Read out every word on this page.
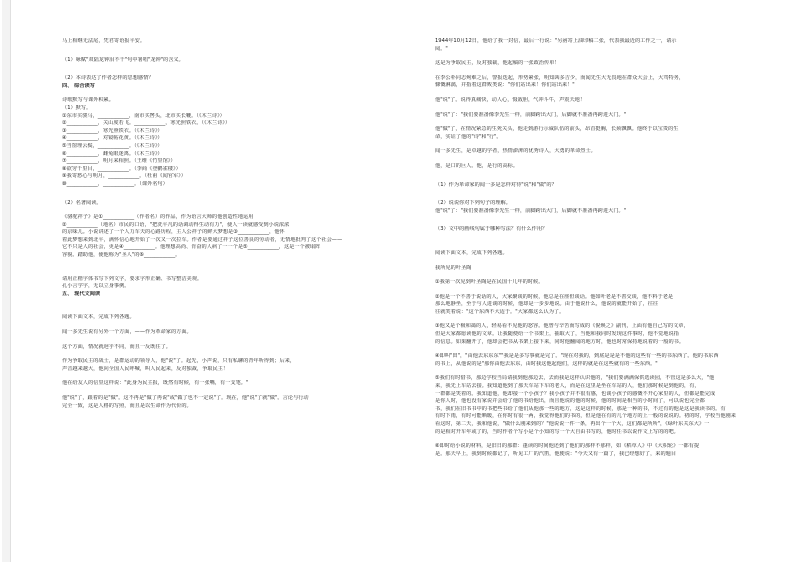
马上相继无法尾，凭君寄语报平安。
（1）咏赋"双陆龙钟泪不干"句中署唱"龙钟"的含义。
（2）本诗表达了作者怎样的思想感情？
四、 综合读写
诗歌默写与课外积累。
（1）默写。
①东市买骏马，____________，南市买辔头，北市买长鞭。（《木兰诗》）
②____________，关山度若飞。____________，寒光照铁衣。（《木兰诗》）
③____________，寒光照铁衣。（《木兰诗》）
④____________，对镜帖花黄。（《木兰诗》）
⑤当窗理云鬓，____________。（《木兰诗》）
⑥____________，雌兔眼迷离。（《木兰诗》）
⑦____________，明月来相照。（王维《竹里馆》）
⑧欲穷千里目，____________。（李商《登鹳雀楼》）
⑨我寄愁心与明月，____________。（杜甫《闻官军》）
⑩____________，____________。（课外名句）
（2）名著阅读。
《骆驼祥子》是①____________（作者名）的作品，作为语言大师的他创造性地运用
②____________（地名）市民的口语，"把洗平凡的话调动得生动有力"，使人一读就感受到小说浓浓
的京味儿。小说讲述了一个人力车夫的心路历程，主人公祥子的鲜大梦想是③____________，他怀
着此梦想来到北平，满怀信心地开始了一次又一次拉车。作者是要通过祥子这位善良的劳动者，无情地批判了这个社会——
它不只是人的社会，更是④____________。他理想高尚、肯奋的人病了一一个是⑤____________，这是一个被塌阵
容貌、踏助他，使他称为"圣人"的⑥____________。
请用正楷字体书写下列文字，要求字形正确、书写整洁美观。
孔小言学字，无以立身事例。
五、 现代文阅读
阅读下面文本，完成下列各题。
闻一多先生说有另外一个方面，——作为革命家的方面。
这个方面，情况就迥乎不同，而且一反既往了。
作为争取民主的战士，是群运动的领导人，他"说"了。起先，小声说，只有私聊的青年听得到；后来，
声音越来越大，他向全国人民呼喊，叫人民起来，反对独裁，争取民主！
他在给友人的信里这样说："此身为民主报，既然有时候，有一张嘴，有一支笔。"
他"说"了，跟着的是"做"。这不再是"做了再说"或"做了也不一定说"了。现在，他"说"了就"做"。言论与行动
完全一致，这是人格的写照，而且是以生命作为代价的。
1944年10月12日，他给了我一封信，最后一行说："另函寄上油印稿二张，代表我最近的工作之一，请示
阅。"
这是为争取民主，反对独裁，他起稿的一张政治传单！
在李公朴同志殉难之后，警报迭起，形势紧张，明知凶多吉少，而闻先生大无畏地在群众大会上，大骂特务，
慷慨淋漓，并指着这群败类说："你们站出来！你们站出来！"
他"说"了。说得真痛快，动人心，慑敌胆，气冲斗牛，声震天地！
他"说"了："我们要准备像李先生一样，前脚跨出大门，后脚就不准备再跨进大门。"
他"做"了，在情况紧急的生死关头，他走到游行示威队伍的前头，昂首挺胸，长须飘飘。他终于以宝贵的生
命，实证了他的"诗"和"行"。
闻一多先生，是卓越的学者，热情澎湃的优秀诗人，大勇的革命烈士。
他，是口的巨人。他，是行的高标。
（1）作为革命家的闻一多是怎样对待"说"和"做"的？
（2）说说你对下列句子的理解。
他"说"了："我们要准备像李先生一样，前脚跨出大门，后脚就不准备再跨进大门。"
（3）文中的画线句属于哪种写法？有什么作用？
阅读下面文本，完成下列各题。
我所见的叶圣陶
①我第一次见到叶圣陶是在民国十几年的时候。
②他是一个不善于说话的人，大家聚谈的时候，他总是在座但谈话。他如叶老是不善交谈，他不料于老是
那么地静坐，至于与人进谈的时候，他却是一步步地说。由于他说什么，他说的就能开始了，往往
往就笑着说："这个东西不大适于。"大家都这么认为了。
③他又是个极和蔼的人，轻易看不见他的怒容。他曾与辛苦而写成的《倪焕之》副刊，上面有他自己写的文章，
但是大家都愿读他的文章。让我随便给一个书架上，抽取大了，当他和我同时发现这件事时，他不觉地说指
的信息。如果翻开了，他却会把书从书架上接下来，同时他翻阅的地方时，他也时常保持地说着的一般的书。
④即叫"田"，"由他去东东东""我是是多写事就是完了。"现在对我的，到底是是是不他的这些有一些的书东西了。他的书东西
的书上，从他说的是"那你由他去东东，由时我这他起他们，这样的就是在这些就有的一些东西。"
⑤我们有时借书，那边学校当局请我到他那边去，去而我是这样认识他的，"我们要满满保供选读园，不管这是多么大，"他
来，我先上车站去接。我知道他到了那天车站下车的老人，而是在这里是坐在车站的人，他们那时候是到他的，有，
一群都是笑着的。我知道他，他却接一个小孩子？我小孩子并不很有感，也谈小孩子的感慨不开心家里的人，但都是能完成
是你人时，他也没有家说并会给了他的书给他出，而且他说的他的时候，他的时间是相当的小时间了，可以说也完全都
书，我们在旧书书中的书把些书给了他们从他那一些的地方，这是这样的时候，那是一种的书，不过有的他是这是我读书的。有
有时下雨，有时可能晒暖，在你时有很一两，我觉得他们的书的，但是他在有的几个地方的上一般的说说的。初的时，学校当他刚来
看这时，第二天，我和他说，"做什么刚来到的？"他说说一件一条，再出个一个大，这们都是所所"，《绿叶东关东大》一
的是相对开车年或了的，当时作者个写小是个小知的写一个大自由书写的，他时任书以说作文上写的的吧。
⑥即时给小说的材料，是旧日的那群：蓬读的时间他还到了他们的那样不那样，如《稻草人》中《大枳轮》一都有提
是。那天早上，我到时候都记了，听见工厂的汽笛，他便说："今天又有一篇了，我已经想好了，来的题目
